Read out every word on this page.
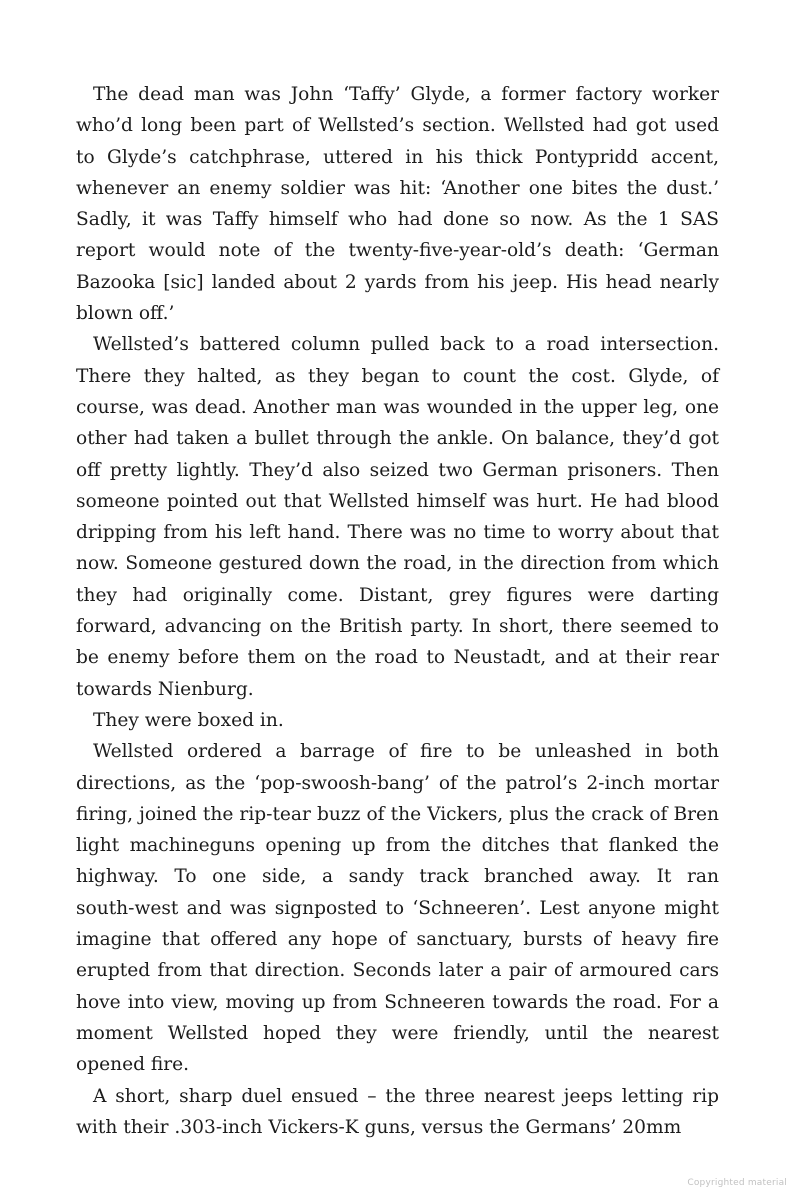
The dead man was John ‘Taffy’ Glyde, a former factory worker who’d long been part of Wellsted’s section. Wellsted had got used to Glyde’s catchphrase, uttered in his thick Pontypridd accent, whenever an enemy soldier was hit: ‘Another one bites the dust.’ Sadly, it was Taffy himself who had done so now. As the 1 SAS report would note of the twenty-five-year-old’s death: ‘German Bazooka [sic] landed about 2 yards from his jeep. His head nearly blown off.’

Wellsted’s battered column pulled back to a road intersection. There they halted, as they began to count the cost. Glyde, of course, was dead. Another man was wounded in the upper leg, one other had taken a bullet through the ankle. On balance, they’d got off pretty lightly. They’d also seized two German prisoners. Then someone pointed out that Wellsted himself was hurt. He had blood dripping from his left hand. There was no time to worry about that now. Someone gestured down the road, in the direction from which they had originally come. Distant, grey figures were darting forward, advancing on the British party. In short, there seemed to be enemy before them on the road to Neustadt, and at their rear towards Nienburg.

They were boxed in.

Wellsted ordered a barrage of fire to be unleashed in both directions, as the ‘pop-swoosh-bang’ of the patrol’s 2-inch mortar firing, joined the rip-tear buzz of the Vickers, plus the crack of Bren light machineguns opening up from the ditches that flanked the highway. To one side, a sandy track branched away. It ran south-west and was signposted to ‘Schneeren’. Lest anyone might imagine that offered any hope of sanctuary, bursts of heavy fire erupted from that direction. Seconds later a pair of armoured cars hove into view, moving up from Schneeren towards the road. For a moment Wellsted hoped they were friendly, until the nearest opened fire.

A short, sharp duel ensued – the three nearest jeeps letting rip with their .303-inch Vickers-K guns, versus the Germans’ 20mm

Copyrighted material
